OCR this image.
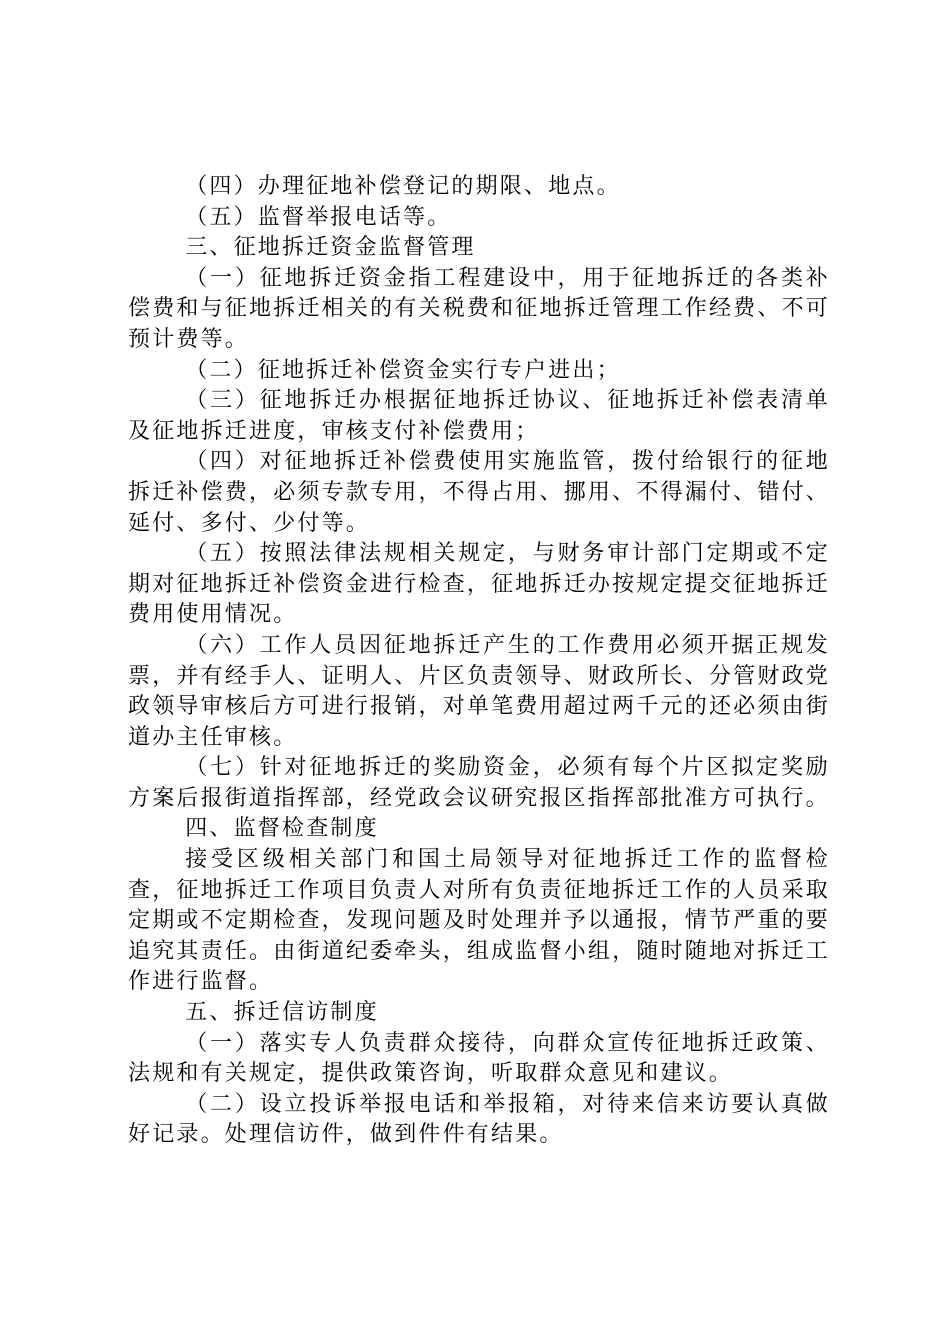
（四）办理征地补偿登记的期限、地点。

（五）监督举报电话等。

三、征地拆迁资金监督管理

（一）征地拆迁资金指工程建设中，用于征地拆迁的各类补偿费和与征地拆迁相关的有关税费和征地拆迁管理工作经费、不可预计费等。

（二）征地拆迁补偿资金实行专户进出；

（三）征地拆迁办根据征地拆迁协议、征地拆迁补偿表清单及征地拆迁进度，审核支付补偿费用；

（四）对征地拆迁补偿费使用实施监管，拨付给银行的征地拆迁补偿费，必须专款专用，不得占用、挪用、不得漏付、错付、延付、多付、少付等。

（五）按照法律法规相关规定，与财务审计部门定期或不定期对征地拆迁补偿资金进行检查，征地拆迁办按规定提交征地拆迁费用使用情况。

（六）工作人员因征地拆迁产生的工作费用必须开据正规发票，并有经手人、证明人、片区负责领导、财政所长、分管财政党政领导审核后方可进行报销，对单笔费用超过两千元的还必须由街道办主任审核。

（七）针对征地拆迁的奖励资金，必须有每个片区拟定奖励方案后报街道指挥部，经党政会议研究报区指挥部批准方可执行。

四、监督检查制度

接受区级相关部门和国土局领导对征地拆迁工作的监督检查，征地拆迁工作项目负责人对所有负责征地拆迁工作的人员采取定期或不定期检查，发现问题及时处理并予以通报，情节严重的要追究其责任。由街道纪委牵头，组成监督小组，随时随地对拆迁工作进行监督。

五、拆迁信访制度

（一）落实专人负责群众接待，向群众宣传征地拆迁政策、法规和有关规定，提供政策咨询，听取群众意见和建议。

（二）设立投诉举报电话和举报箱，对待来信来访要认真做好记录。处理信访件，做到件件有结果。
